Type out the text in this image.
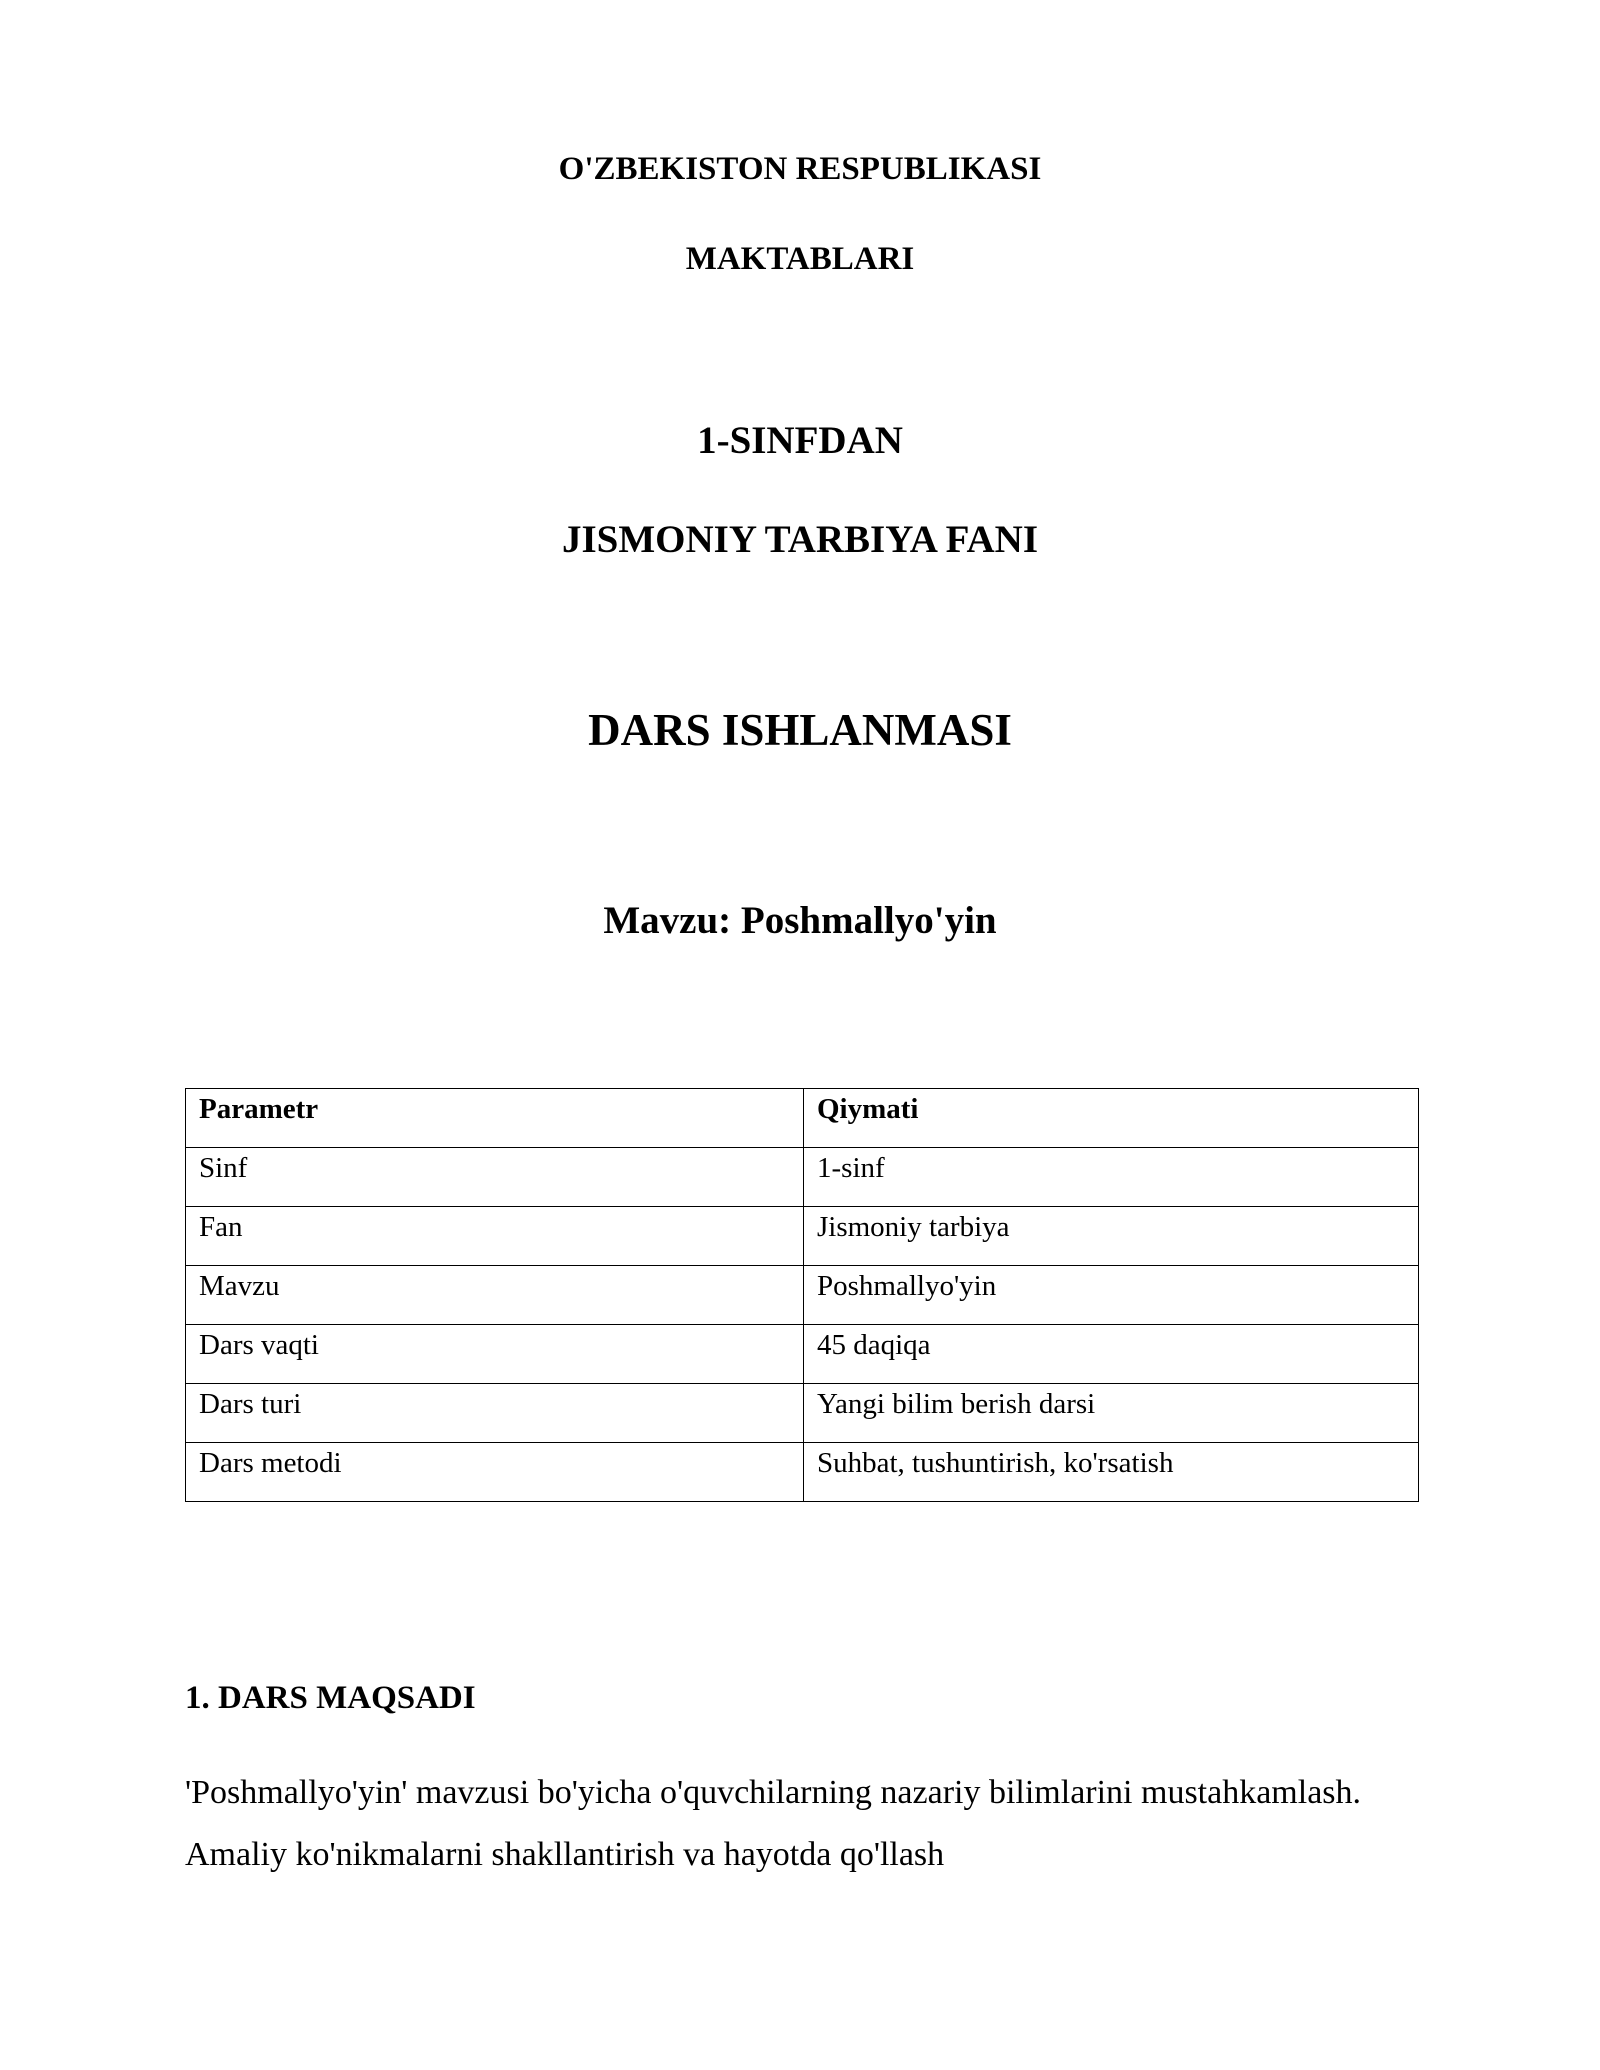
O'ZBEKISTON RESPUBLIKASI

MAKTABLARI

1-SINFDAN

JISMONIY TARBIYA FANI

DARS ISHLANMASI

Mavzu: Poshmallyo'yin

Parametr	Qiymati
Sinf	1-sinf
Fan	Jismoniy tarbiya
Mavzu	Poshmallyo'yin
Dars vaqti	45 daqiqa
Dars turi	Yangi bilim berish darsi
Dars metodi	Suhbat, tushuntirish, ko'rsatish
1. DARS MAQSADI

'Poshmallyo'yin' mavzusi bo'yicha o'quvchilarning nazariy bilimlarini mustahkamlash. Amaliy ko'nikmalarni shakllantirish va hayotda qo'llash
